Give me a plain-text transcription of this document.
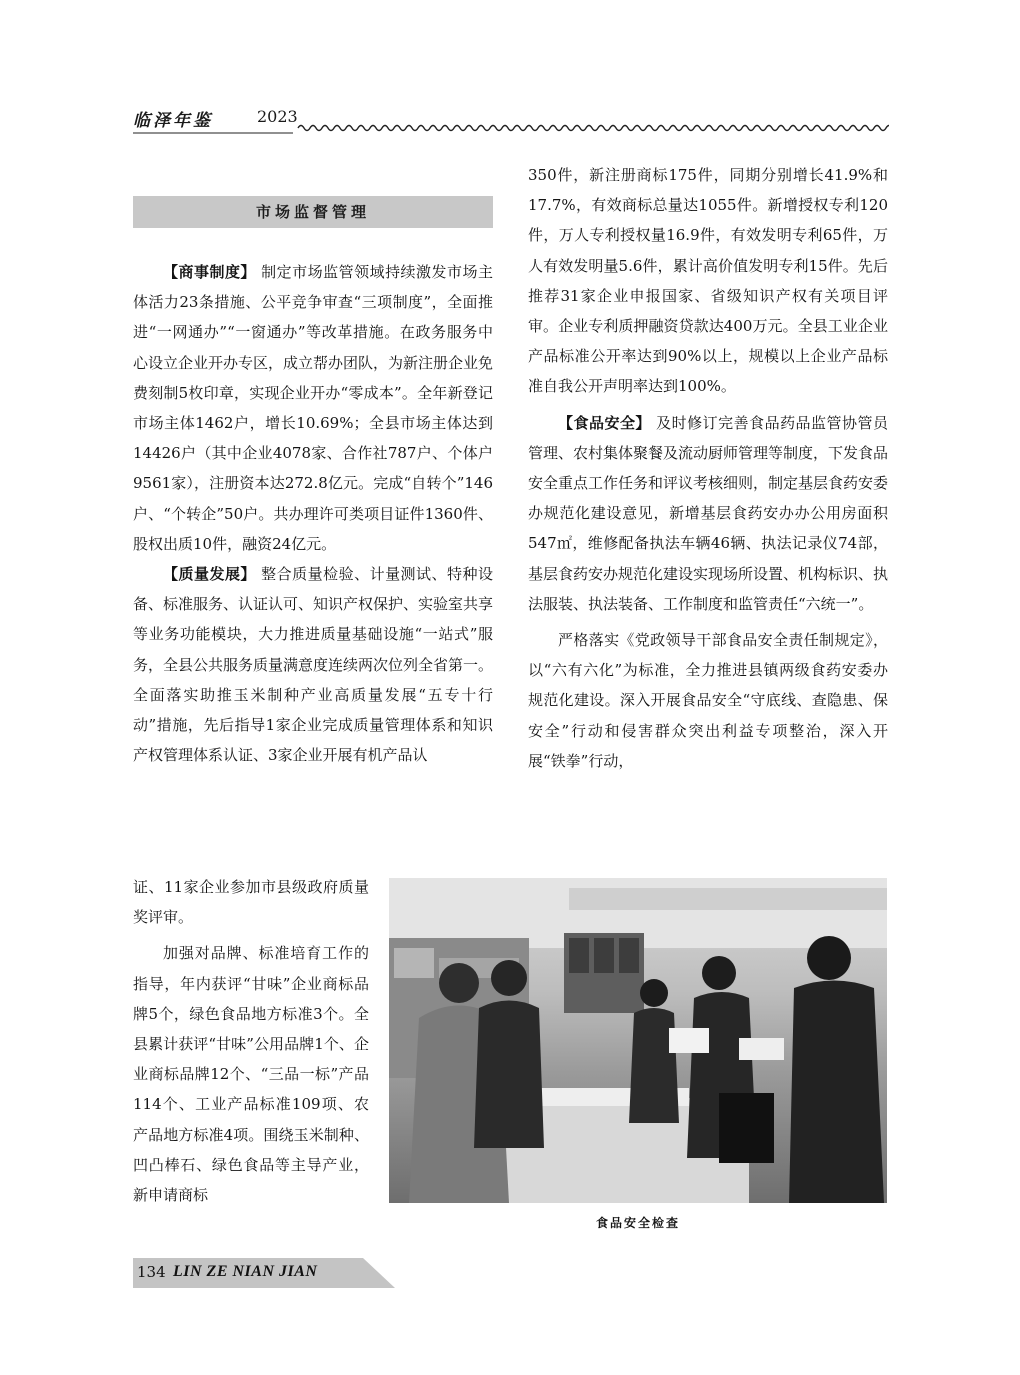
临泽年鉴	2023
市场监督管理

【商事制度】 制定市场监管领域持续激发市场主体活力23条措施、公平竞争审查“三项制度”，全面推进“一网通办”“一窗通办”等改革措施。在政务服务中心设立企业开办专区，成立帮办团队，为新注册企业免费刻制5枚印章，实现企业开办“零成本”。全年新登记市场主体1462户，增长10.69%；全县市场主体达到14426户（其中企业4078家、合作社787户、个体户9561家），注册资本达272.8亿元。完成“自转个”146户、“个转企”50户。共办理许可类项目证件1360件、股权出质10件，融资24亿元。

【质量发展】 整合质量检验、计量测试、特种设备、标准服务、认证认可、知识产权保护、实验室共享等业务功能模块，大力推进质量基础设施“一站式”服务，全县公共服务质量满意度连续两次位列全省第一。全面落实助推玉米制种产业高质量发展“五专十行动”措施，先后指导1家企业完成质量管理体系和知识产权管理体系认证、3家企业开展有机产品认

证、11家企业参加市县级政府质量奖评审。

加强对品牌、标准培育工作的指导，年内获评“甘味”企业商标品牌5个，绿色食品地方标准3个。全县累计获评“甘味”公用品牌1个、企业商标品牌12个、“三品一标”产品114个、工业产品标准109项、农产品地方标准4项。围绕玉米制种、凹凸棒石、绿色食品等主导产业，新申请商标

350件，新注册商标175件，同期分别增长41.9%和17.7%，有效商标总量达1055件。新增授权专利120件，万人专利授权量16.9件，有效发明专利65件，万人有效发明量5.6件，累计高价值发明专利15件。先后推荐31家企业申报国家、省级知识产权有关项目评审。企业专利质押融资贷款达400万元。全县工业企业产品标准公开率达到90%以上，规模以上企业产品标准自我公开声明率达到100%。

【食品安全】 及时修订完善食品药品监管协管员管理、农村集体聚餐及流动厨师管理等制度，下发食品安全重点工作任务和评议考核细则，制定基层食药安委办规范化建设意见，新增基层食药安办办公用房面积547㎡，维修配备执法车辆46辆、执法记录仪74部，基层食药安办规范化建设实现场所设置、机构标识、执法服装、执法装备、工作制度和监管责任“六统一”。

严格落实《党政领导干部食品安全责任制规定》，以“六有六化”为标准，全力推进县镇两级食药安委办规范化建设。深入开展食品安全“守底线、查隐患、保安全”行动和侵害群众突出利益专项整治，深入开展“铁拳”行动，

食品安全检查
134 LIN ZE NIAN JIAN
